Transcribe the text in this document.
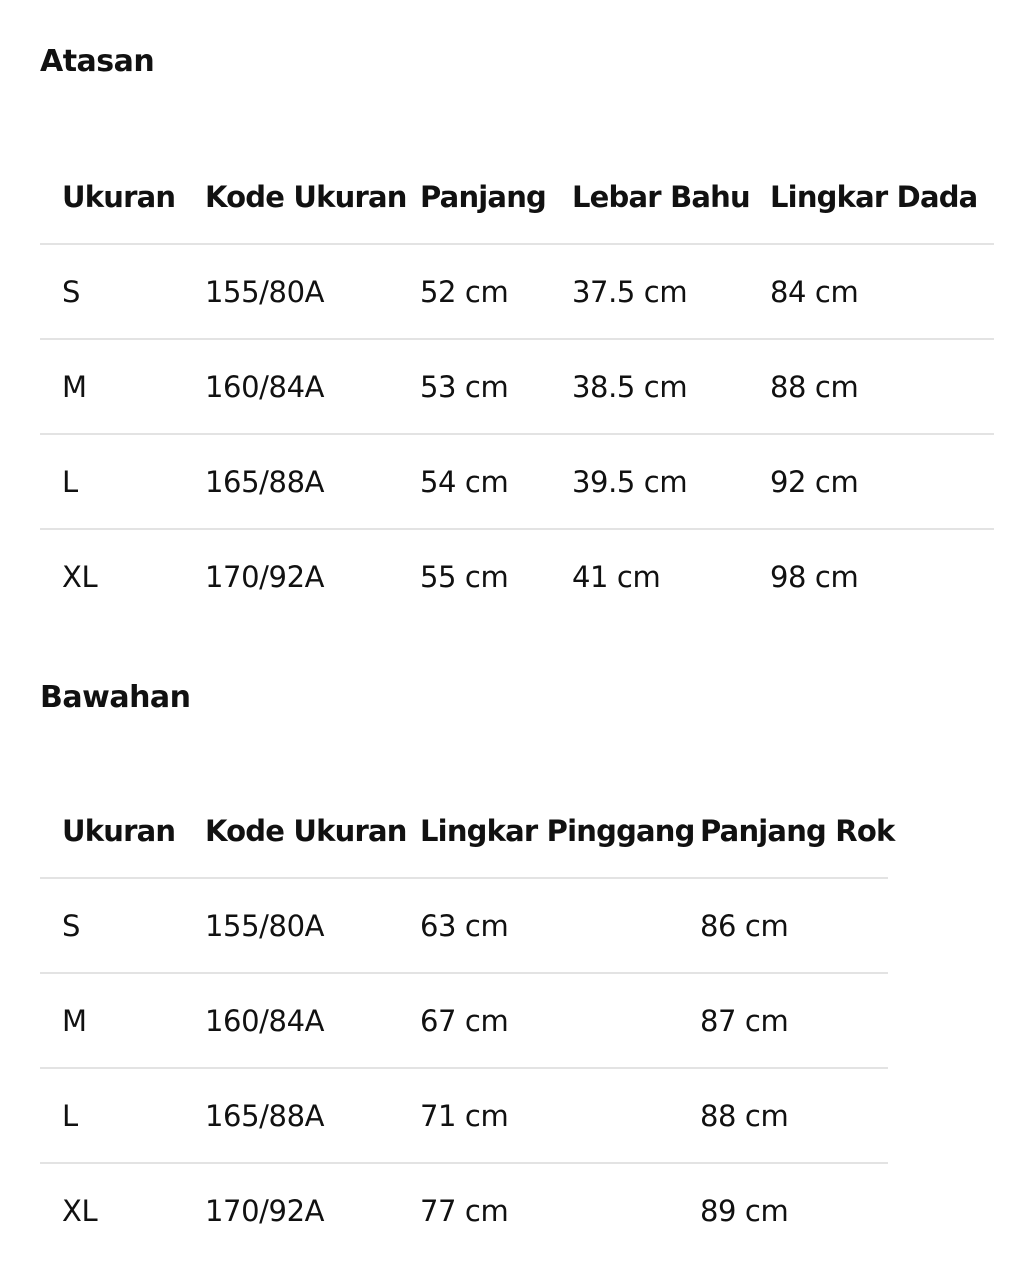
Atasan
Ukuran	Kode Ukuran	Panjang	Lebar Bahu	Lingkar Dada
S	155/80A	52 cm	37.5 cm	84 cm
M	160/84A	53 cm	38.5 cm	88 cm
L	165/88A	54 cm	39.5 cm	92 cm
XL	170/92A	55 cm	41 cm	98 cm
Bawahan
Ukuran	Kode Ukuran	Lingkar Pinggang	Panjang Rok
S	155/80A	63 cm	86 cm
M	160/84A	67 cm	87 cm
L	165/88A	71 cm	88 cm
XL	170/92A	77 cm	89 cm
